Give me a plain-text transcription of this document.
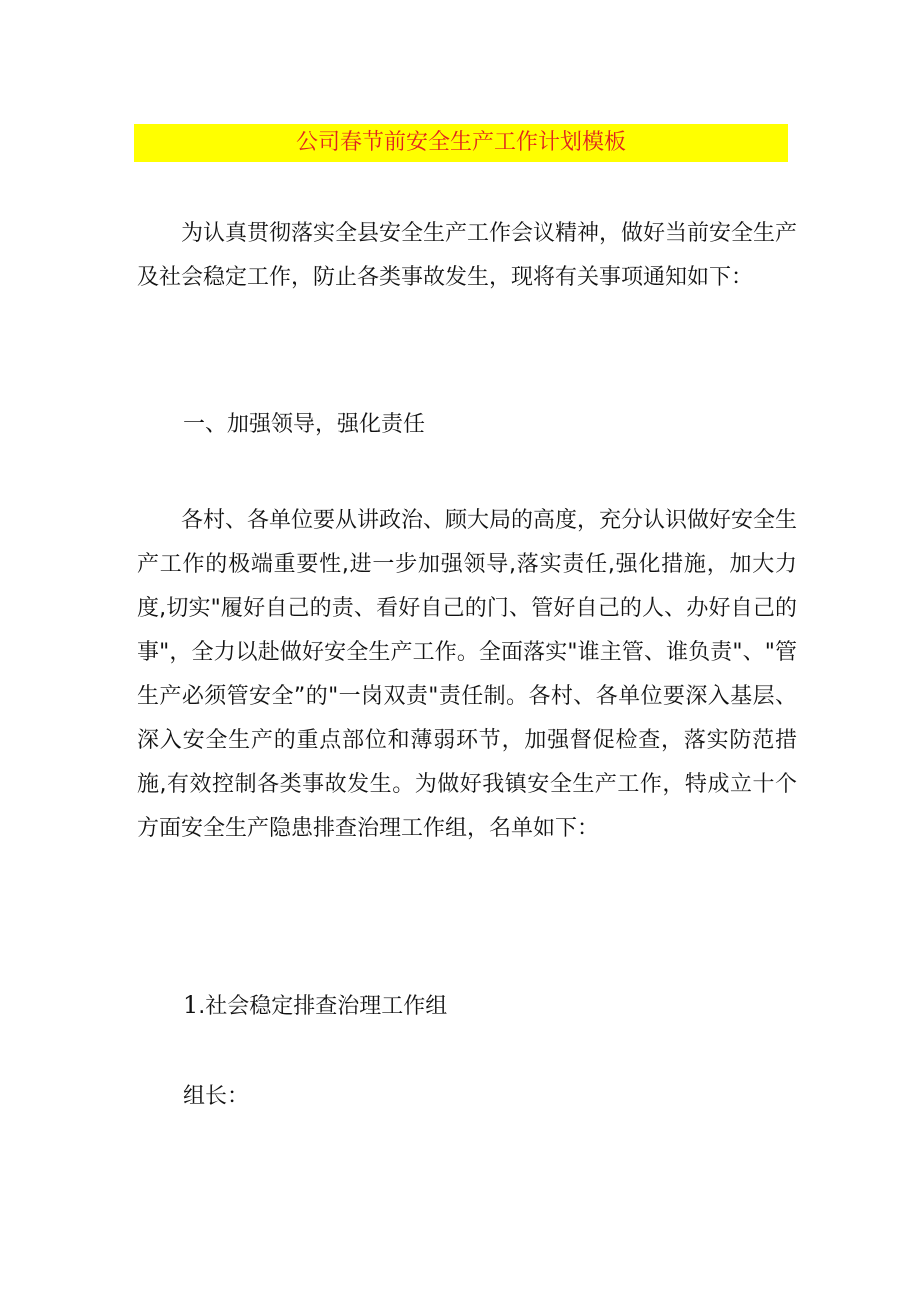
公司春节前安全生产工作计划模板

为认真贯彻落实全县安全生产工作会议精神，做好当前安全生产及社会稳定工作，防止各类事故发生，现将有关事项通知如下：

一、加强领导，强化责任

各村、各单位要从讲政治、顾大局的高度，充分认识做好安全生产工作的极端重要性,进一步加强领导,落实责任,强化措施，加大力度,切实"履好自己的责、看好自己的门、管好自己的人、办好自己的事"，全力以赴做好安全生产工作。全面落实"谁主管、谁负责"、"管生产必须管安全”的"一岗双责"责任制。各村、各单位要深入基层、深入安全生产的重点部位和薄弱环节，加强督促检查，落实防范措施,有效控制各类事故发生。为做好我镇安全生产工作，特成立十个方面安全生产隐患排查治理工作组，名单如下：

1.社会稳定排查治理工作组

组长：
